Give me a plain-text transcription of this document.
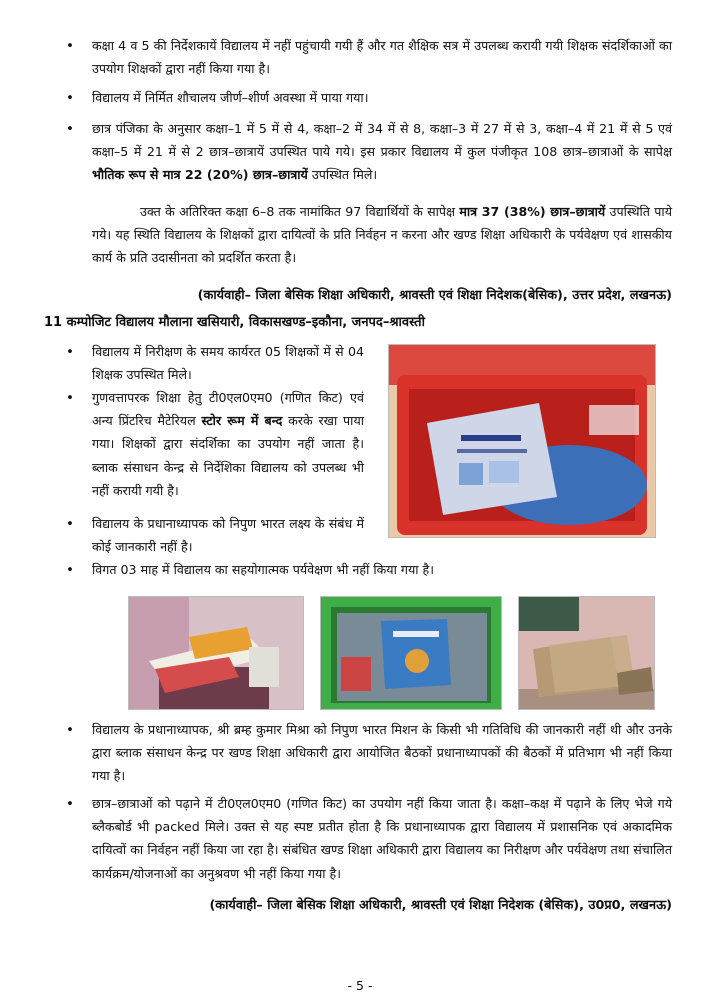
• कक्षा 4 व 5 की निर्देशकायें विद्यालय में नहीं पहुंचायी गयी हैं और गत शैक्षिक सत्र में उपलब्ध करायी गयी शिक्षक संदर्शिकाओं का उपयोग शिक्षकों द्वारा नहीं किया गया है।

• विद्यालय में निर्मित शौचालय जीर्ण–शीर्ण अवस्था में पाया गया।

• छात्र पंजिका के अनुसार कक्षा–1 में 5 में से 4, कक्षा–2 में 34 में से 8, कक्षा–3 में 27 में से 3, कक्षा–4 में 21 में से 5 एवं कक्षा–5 में 21 में से 2 छात्र–छात्रायें उपस्थित पाये गये। इस प्रकार विद्यालय में कुल पंजीकृत 108 छात्र–छात्राओं के सापेक्ष भौतिक रूप से मात्र 22 (20%) छात्र–छात्रायें उपस्थित मिले।

उक्त के अतिरिक्त कक्षा 6–8 तक नामांकित 97 विद्यार्थियों के सापेक्ष मात्र 37 (38%) छात्र–छात्रायें उपस्थिति पाये गये। यह स्थिति विद्यालय के शिक्षकों द्वारा दायित्वों के प्रति निर्वहन न करना और खण्ड शिक्षा अधिकारी के पर्यवेक्षण एवं शासकीय कार्य के प्रति उदासीनता को प्रदर्शित करता है।

(कार्यवाही– जिला बेसिक शिक्षा अधिकारी, श्रावस्ती एवं शिक्षा निदेशक(बेसिक), उत्तर प्रदेश, लखनऊ)

11 कम्पोजिट विद्यालय मौलाना खसियारी, विकासखण्ड–इकौना, जनपद–श्रावस्ती

• विद्यालय में निरीक्षण के समय कार्यरत 05 शिक्षकों में से 04 शिक्षक उपस्थित मिले।

• गुणवत्तापरक शिक्षा हेतु टी0एल0एम0 (गणित किट) एवं अन्य प्रिंटरिच मैटेरियल स्टोर रूम में बन्द करके रखा पाया गया। शिक्षकों द्वारा संदर्शिका का उपयोग नहीं जाता है। ब्लाक संसाधन केन्द्र से निर्देशिका विद्यालय को उपलब्ध भी नहीं करायी गयी है।

• विद्यालय के प्रधानाध्यापक को निपुण भारत लक्ष्य के संबंध में कोई जानकारी नहीं है।

• विगत 03 माह में विद्यालय का सहयोगात्मक पर्यवेक्षण भी नहीं किया गया है।

• विद्यालय के प्रधानाध्यापक, श्री ब्रम्ह कुमार मिश्रा को निपुण भारत मिशन के किसी भी गतिविधि की जानकारी नहीं थी और उनके द्वारा ब्लाक संसाधन केन्द्र पर खण्ड शिक्षा अधिकारी द्वारा आयोजित बैठकों प्रधानाध्यापकों की बैठकों में प्रतिभाग भी नहीं किया गया है।

• छात्र–छात्राओं को पढ़ाने में टी0एल0एम0 (गणित किट) का उपयोग नहीं किया जाता है। कक्षा–कक्ष में पढ़ाने के लिए भेजे गये ब्लैकबोर्ड भी packed मिले। उक्त से यह स्पष्ट प्रतीत होता है कि प्रधानाध्यापक द्वारा विद्यालय में प्रशासनिक एवं अकादमिक दायित्वों का निर्वहन नहीं किया जा रहा है। संबंधित खण्ड शिक्षा अधिकारी द्वारा विद्यालय का निरीक्षण और पर्यवेक्षण तथा संचालित कार्यक्रम/योजनाओं का अनुश्रवण भी नहीं किया गया है।

(कार्यवाही– जिला बेसिक शिक्षा अधिकारी, श्रावस्ती एवं शिक्षा निदेशक (बेसिक), उ0प्र0, लखनऊ)

- 5 -
